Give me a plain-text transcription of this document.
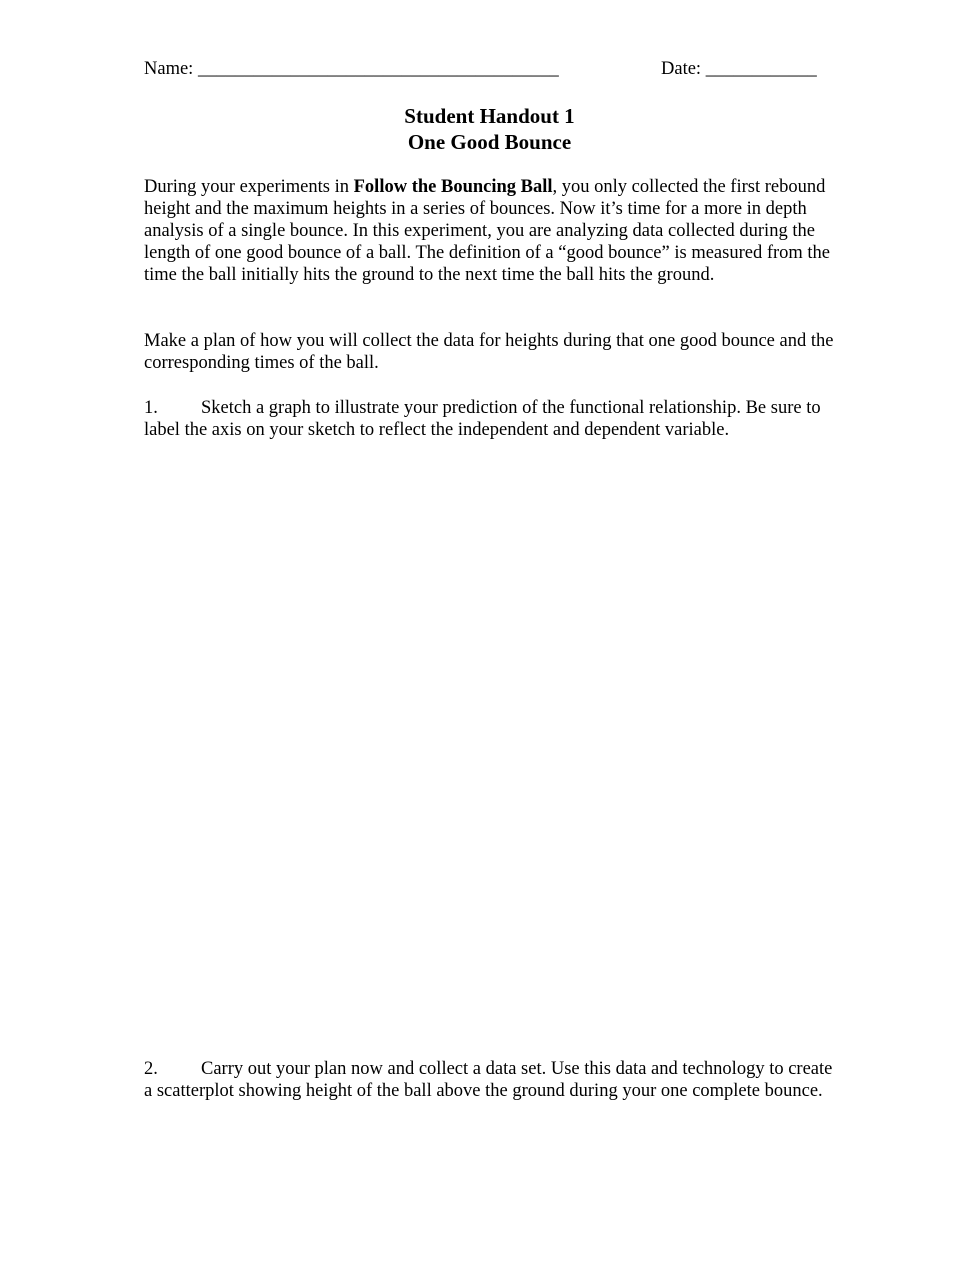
Name: _______________________________________	Date: ____________
Student Handout 1
One Good Bounce

During your experiments in Follow the Bouncing Ball, you only collected the first rebound height and the maximum heights in a series of bounces. Now it’s time for a more in depth analysis of a single bounce. In this experiment, you are analyzing data collected during the length of one good bounce of a ball. The definition of a “good bounce” is measured from the time the ball initially hits the ground to the next time the ball hits the ground.

Make a plan of how you will collect the data for heights during that one good bounce and the corresponding times of the ball.

1. Sketch a graph to illustrate your prediction of the functional relationship. Be sure to label the axis on your sketch to reflect the independent and dependent variable.

2. Carry out your plan now and collect a data set. Use this data and technology to create a scatterplot showing height of the ball above the ground during your one complete bounce.
